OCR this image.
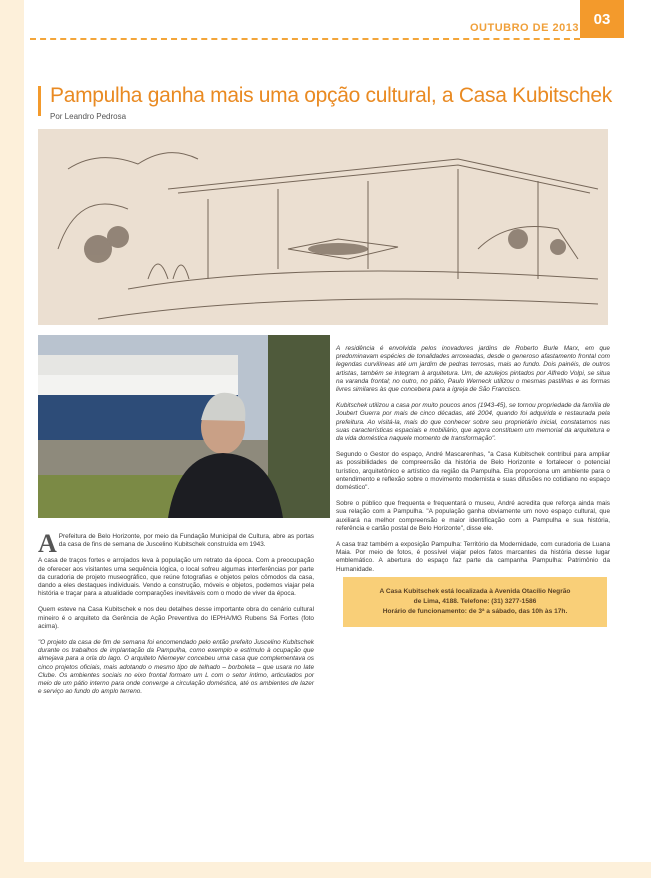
OUTUBRO DE 2013
03
Pampulha ganha mais uma opção cultural, a Casa Kubitschek
Por Leandro Pedrosa

A Prefeitura de Belo Horizonte, por meio da Fundação Municipal de Cultura, abre as portas da casa de fins de semana de Juscelino Kubitschek construída em 1943.

A casa de traços fortes e arrojados leva à população um retrato da época. Com a preocupação de oferecer aos visitantes uma sequência lógica, o local sofreu algumas interferências por parte da curadoria de projeto museográfico, que reúne fotografias e objetos pelos cômodos da casa, dando a eles destaques individuais. Vendo a construção, móveis e objetos, podemos viajar pela história e traçar para a atualidade comparações inevitáveis com o modo de viver da época.

Quem esteve na Casa Kubitschek e nos deu detalhes desse importante obra do cenário cultural mineiro é o arquiteto da Gerência de Ação Preventiva do IEPHA/MG Rubens Sá Fortes (foto acima).

"O projeto da casa de fim de semana foi encomendado pelo então prefeito Juscelino Kubitschek durante os trabalhos de implantação da Pampulha, como exemplo e estímulo à ocupação que almejava para a orla do lago. O arquiteto Niemeyer concebeu uma casa que complementava os cinco projetos oficiais, mais adotando o mesmo tipo de telhado – borboleta – que usara no Iate Clube. Os ambientes sociais no eixo frontal formam um L com o setor íntimo, articulados por meio de um pátio interno para onde converge a circulação doméstica, até os ambientes de lazer e serviço ao fundo do amplo terreno.

A residência é envolvida pelos inovadores jardins de Roberto Burle Marx, em que predominavam espécies de tonalidades arroxeadas, desde o generoso afastamento frontal com legendas curvilíneas até um jardim de pedras terrosas, mais ao fundo. Dois painéis, de outros artistas, também se integram à arquitetura. Um, de azulejos pintados por Alfredo Volpi, se situa na varanda frontal; no outro, no pátio, Paulo Werneck utilizou o mesmas pastilhas e as formas livres similares às que concebera para a igreja de São Francisco.

Kubitschek utilizou a casa por muito poucos anos (1943-45), se tornou propriedade da família de Joubert Guerra por mais de cinco décadas, até 2004, quando foi adquirida e restaurada pela prefeitura. Ao visitá-la, mais do que conhecer sobre seu proprietário inicial, constatamos nas suas características espaciais e mobiliário, que agora constituem um memorial da arquitetura e da vida doméstica naquele momento de transformação".

Segundo o Gestor do espaço, André Mascarenhas, "a Casa Kubitschek contribui para ampliar as possibilidades de compreensão da história de Belo Horizonte e fortalecer o potencial turístico, arquitetônico e artístico da região da Pampulha. Ela proporciona um ambiente para o entendimento e reflexão sobre o movimento modernista e suas difusões no cotidiano no espaço doméstico".

Sobre o público que frequenta e frequentará o museu, André acredita que reforça ainda mais sua relação com a Pampulha. "A população ganha obviamente um novo espaço cultural, que auxiliará na melhor compreensão e maior identificação com a Pampulha e sua história, referência e cartão postal de Belo Horizonte", disse ele.

A casa traz também a exposição Pampulha: Território da Modernidade, com curadoria de Luana Maia. Por meio de fotos, é possível viajar pelos fatos marcantes da história desse lugar emblemático. A abertura do espaço faz parte da campanha Pampulha: Patrimônio da Humanidade.

A Casa Kubitschek está localizada à Avenida Otacílio Negrão
de Lima, 4188. Telefone: (31) 3277-1586
Horário de funcionamento: de 3ª a sábado, das 10h às 17h.
